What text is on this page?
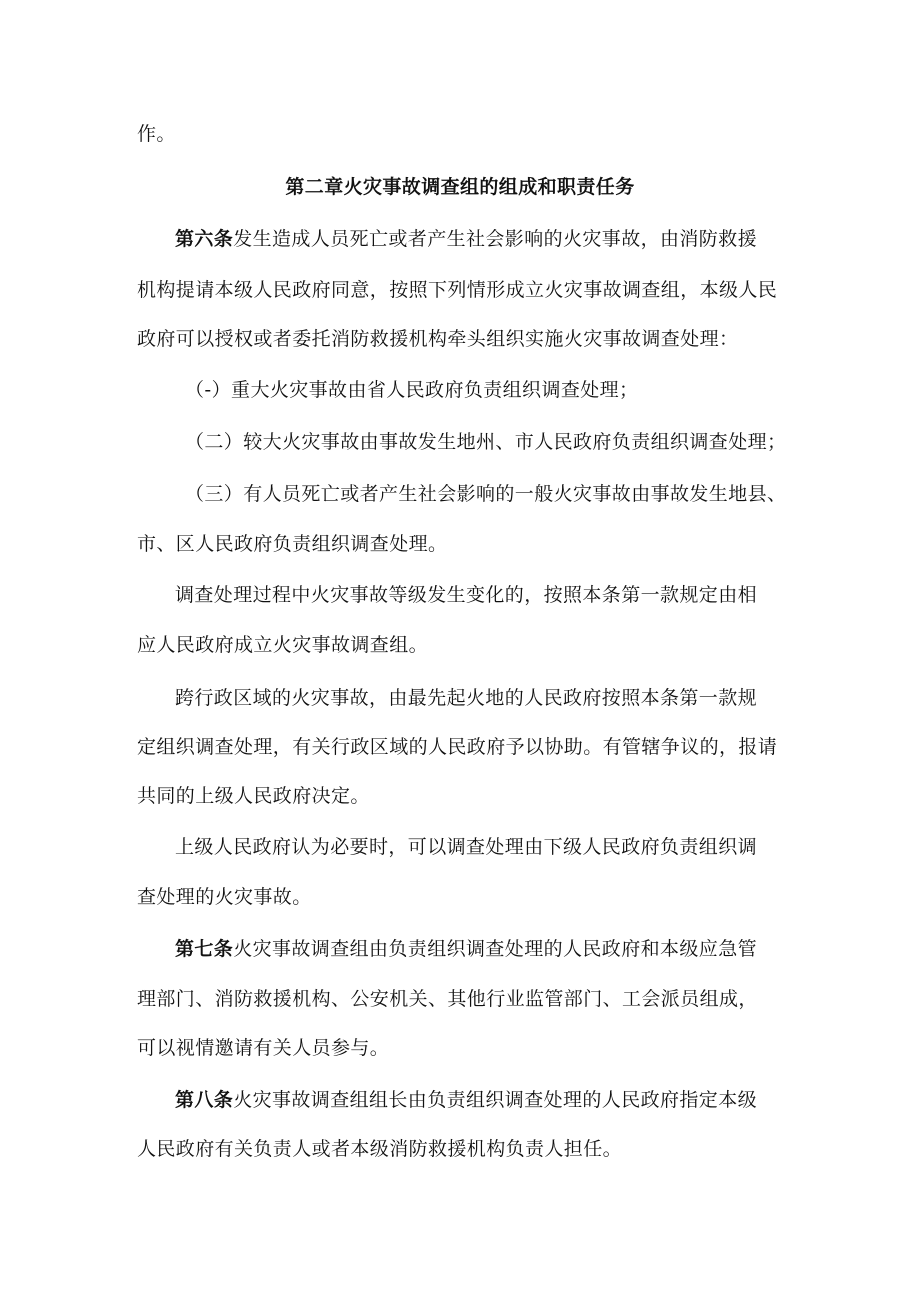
作。
第二章火灾事故调查组的组成和职责任务
第六条发生造成人员死亡或者产生社会影响的火灾事故，由消防救援
机构提请本级人民政府同意，按照下列情形成立火灾事故调查组，本级人民
政府可以授权或者委托消防救援机构牵头组织实施火灾事故调查处理：
（-）重大火灾事故由省人民政府负责组织调查处理；
（二）较大火灾事故由事故发生地州、市人民政府负责组织调查处理；
（三）有人员死亡或者产生社会影响的一般火灾事故由事故发生地县、
市、区人民政府负责组织调查处理。
调查处理过程中火灾事故等级发生变化的，按照本条第一款规定由相
应人民政府成立火灾事故调查组。
跨行政区域的火灾事故，由最先起火地的人民政府按照本条第一款规
定组织调查处理，有关行政区域的人民政府予以协助。有管辖争议的，报请
共同的上级人民政府决定。
上级人民政府认为必要时，可以调查处理由下级人民政府负责组织调
查处理的火灾事故。
第七条火灾事故调查组由负责组织调查处理的人民政府和本级应急管
理部门、消防救援机构、公安机关、其他行业监管部门、工会派员组成，
可以视情邀请有关人员参与。
第八条火灾事故调查组组长由负责组织调查处理的人民政府指定本级
人民政府有关负责人或者本级消防救援机构负责人担任。
